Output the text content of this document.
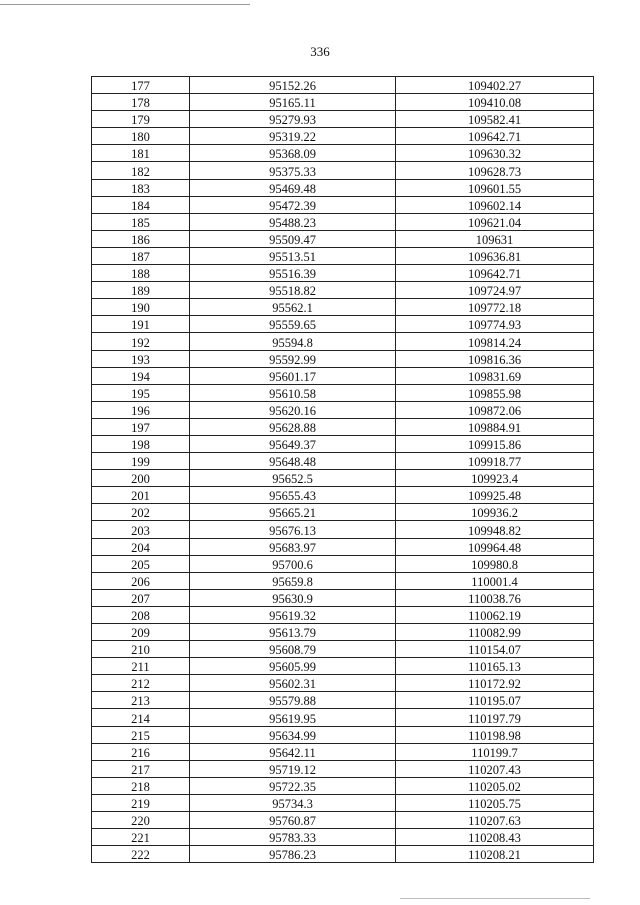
336
177	95152.26	109402.27
178	95165.11	109410.08
179	95279.93	109582.41
180	95319.22	109642.71
181	95368.09	109630.32
182	95375.33	109628.73
183	95469.48	109601.55
184	95472.39	109602.14
185	95488.23	109621.04
186	95509.47	109631
187	95513.51	109636.81
188	95516.39	109642.71
189	95518.82	109724.97
190	95562.1	109772.18
191	95559.65	109774.93
192	95594.8	109814.24
193	95592.99	109816.36
194	95601.17	109831.69
195	95610.58	109855.98
196	95620.16	109872.06
197	95628.88	109884.91
198	95649.37	109915.86
199	95648.48	109918.77
200	95652.5	109923.4
201	95655.43	109925.48
202	95665.21	109936.2
203	95676.13	109948.82
204	95683.97	109964.48
205	95700.6	109980.8
206	95659.8	110001.4
207	95630.9	110038.76
208	95619.32	110062.19
209	95613.79	110082.99
210	95608.79	110154.07
211	95605.99	110165.13
212	95602.31	110172.92
213	95579.88	110195.07
214	95619.95	110197.79
215	95634.99	110198.98
216	95642.11	110199.7
217	95719.12	110207.43
218	95722.35	110205.02
219	95734.3	110205.75
220	95760.87	110207.63
221	95783.33	110208.43
222	95786.23	110208.21
